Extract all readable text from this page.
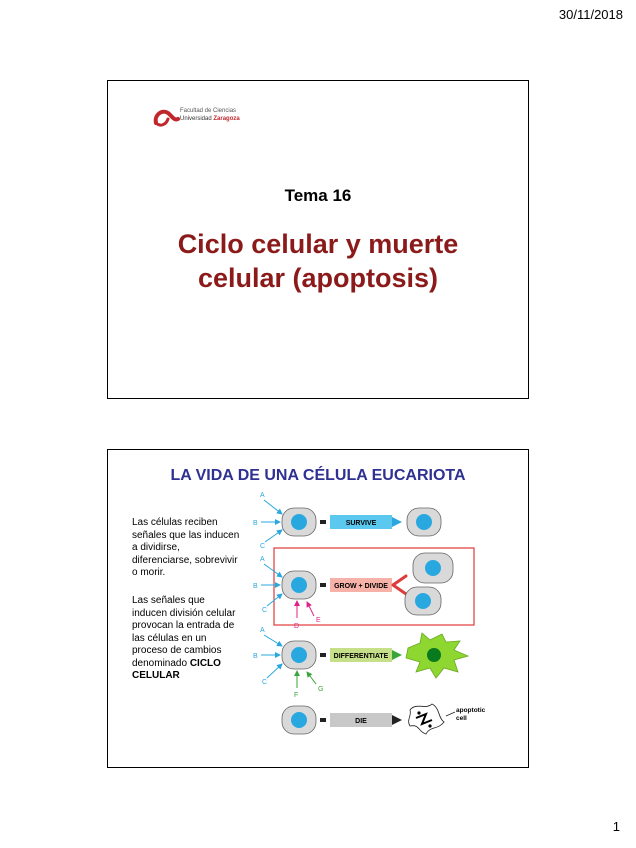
30/11/2018
Facultad de Ciencias
Universidad Zaragoza
Tema 16
Ciclo celular y muerte
celular (apoptosis)
LA VIDA DE UNA CÉLULA EUCARIOTA
Las células reciben señales que las inducen a dividirse, diferenciarse, sobrevivir o morir.
Las señales que inducen división celular provocan la entrada de las células en un proceso de cambios denominado CICLO CELULAR
A
B
C
SURVIVE
A
B
C
D
E
GROW + DIVIDE
A
B
C
F
G
DIFFERENTIATE
DIE
apoptotic
cell
1
